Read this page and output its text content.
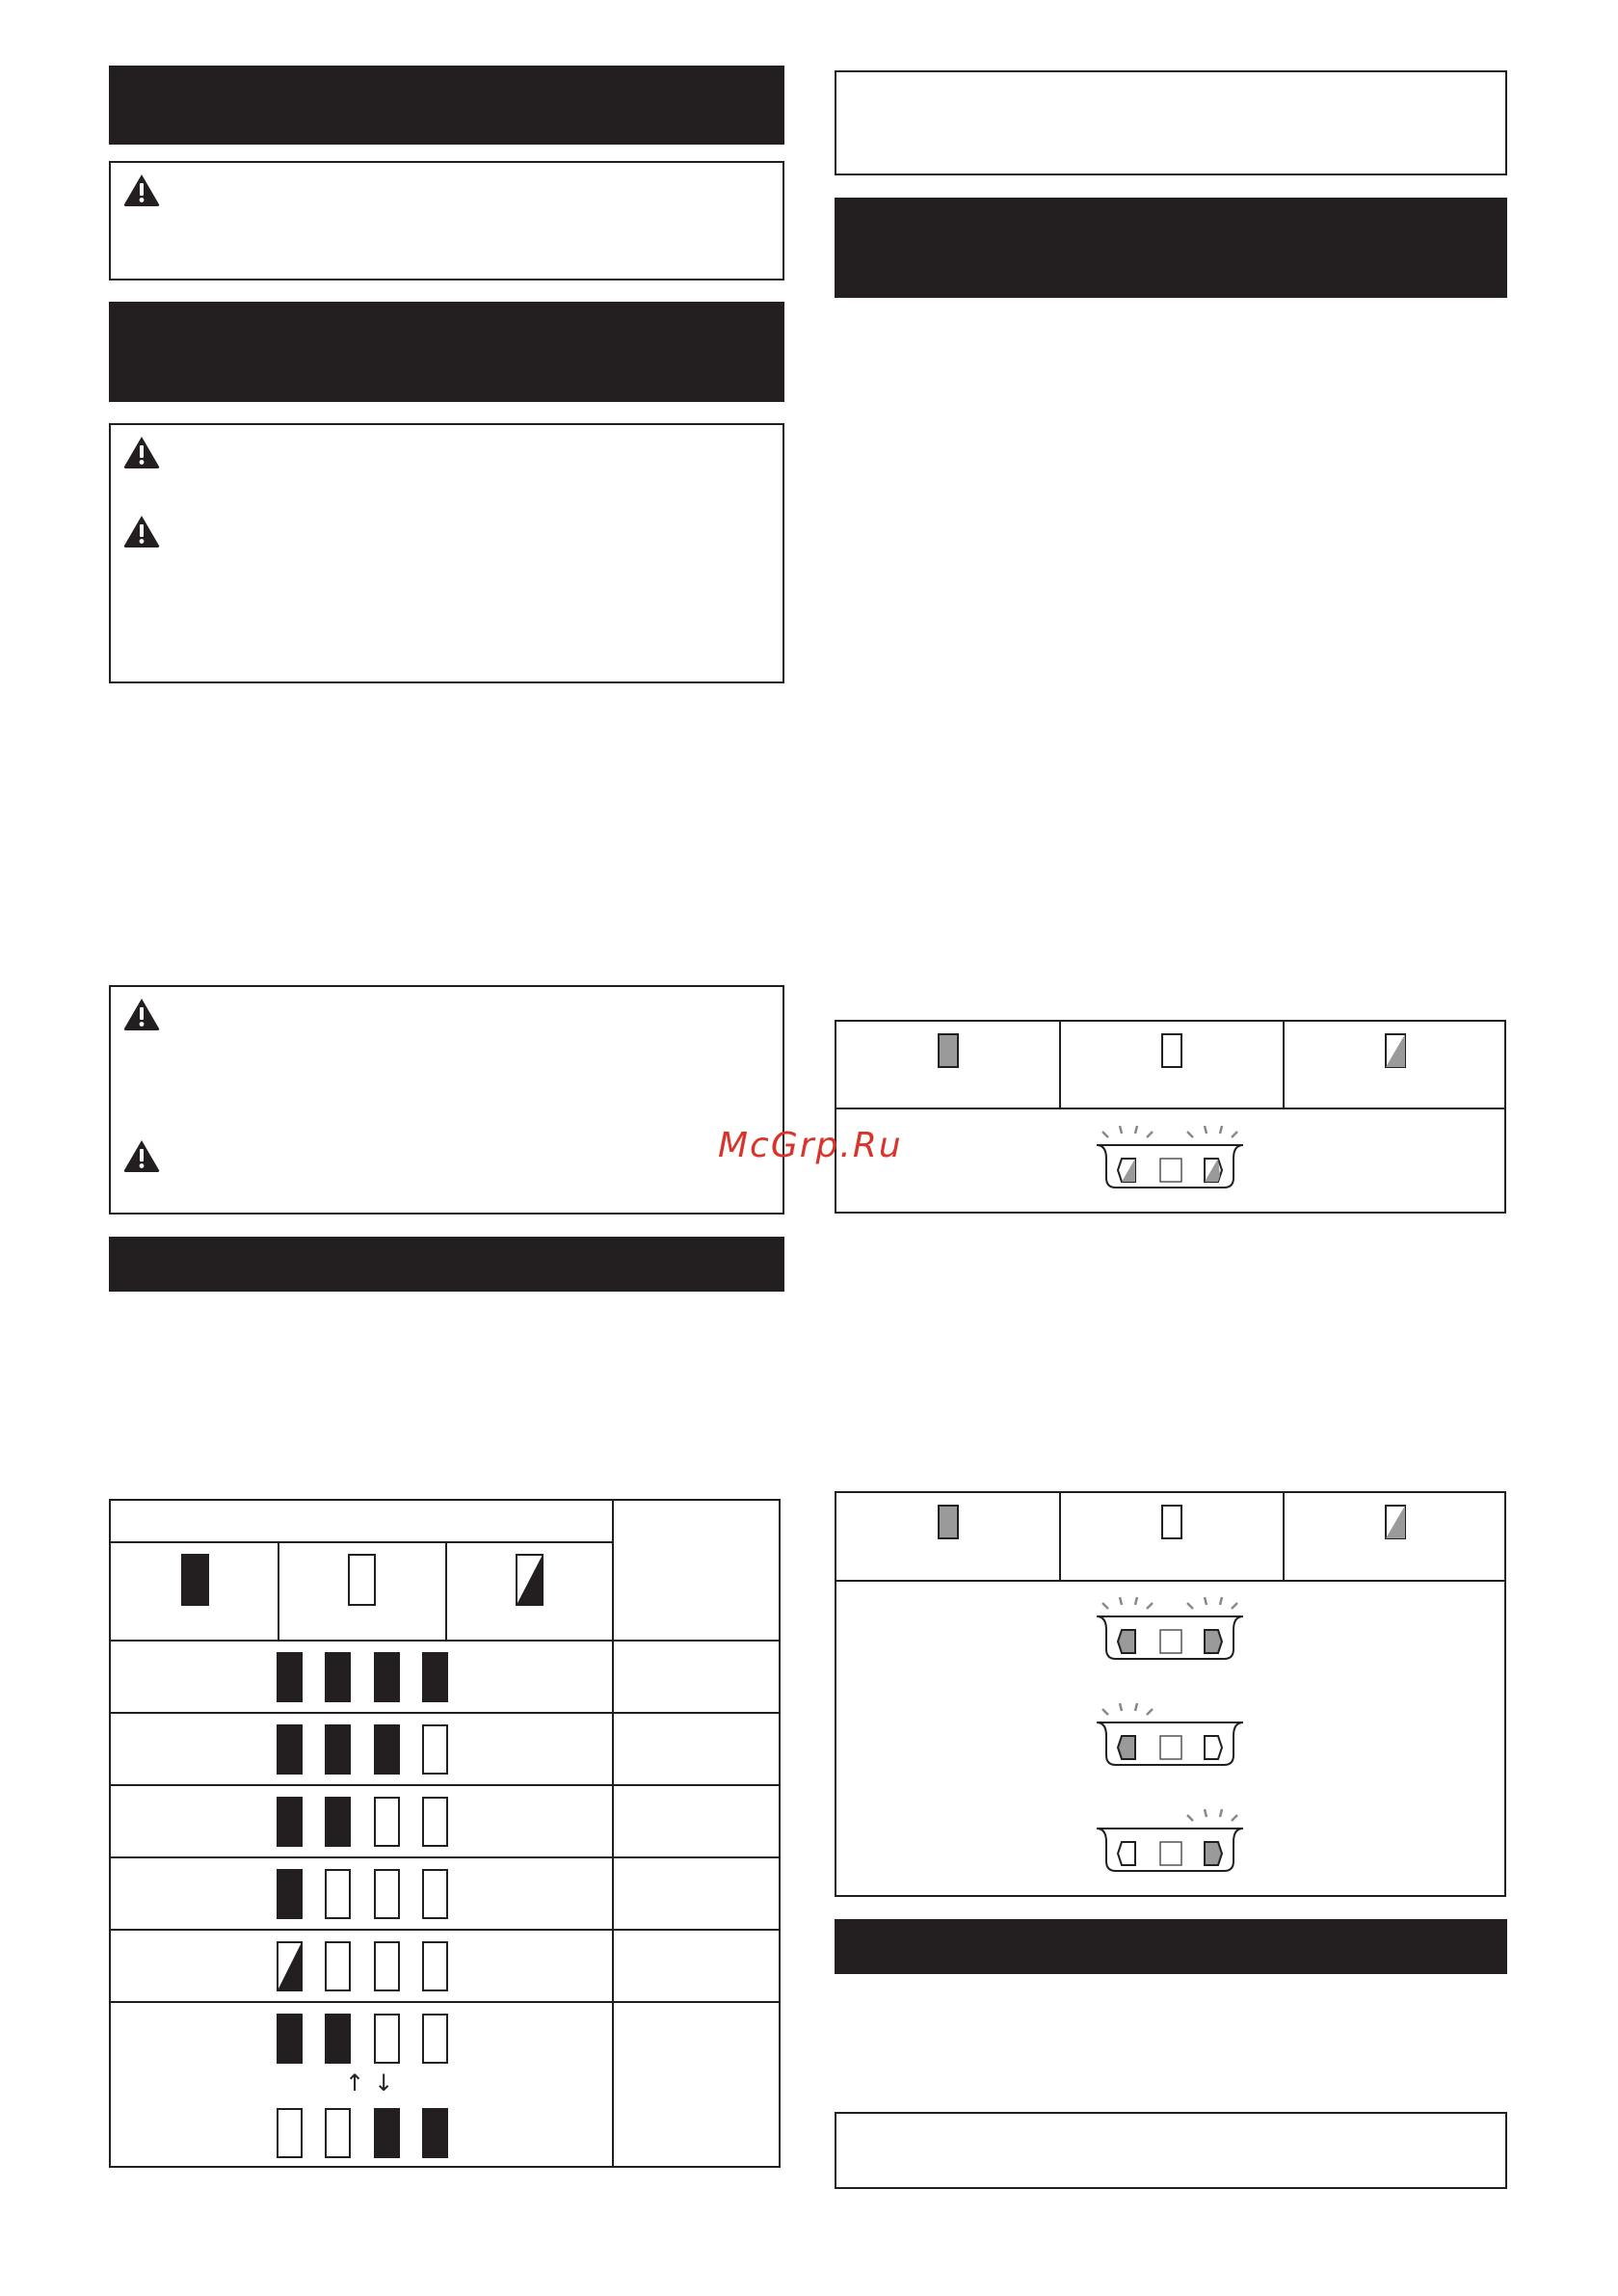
↑↓
McGrp.Ru
